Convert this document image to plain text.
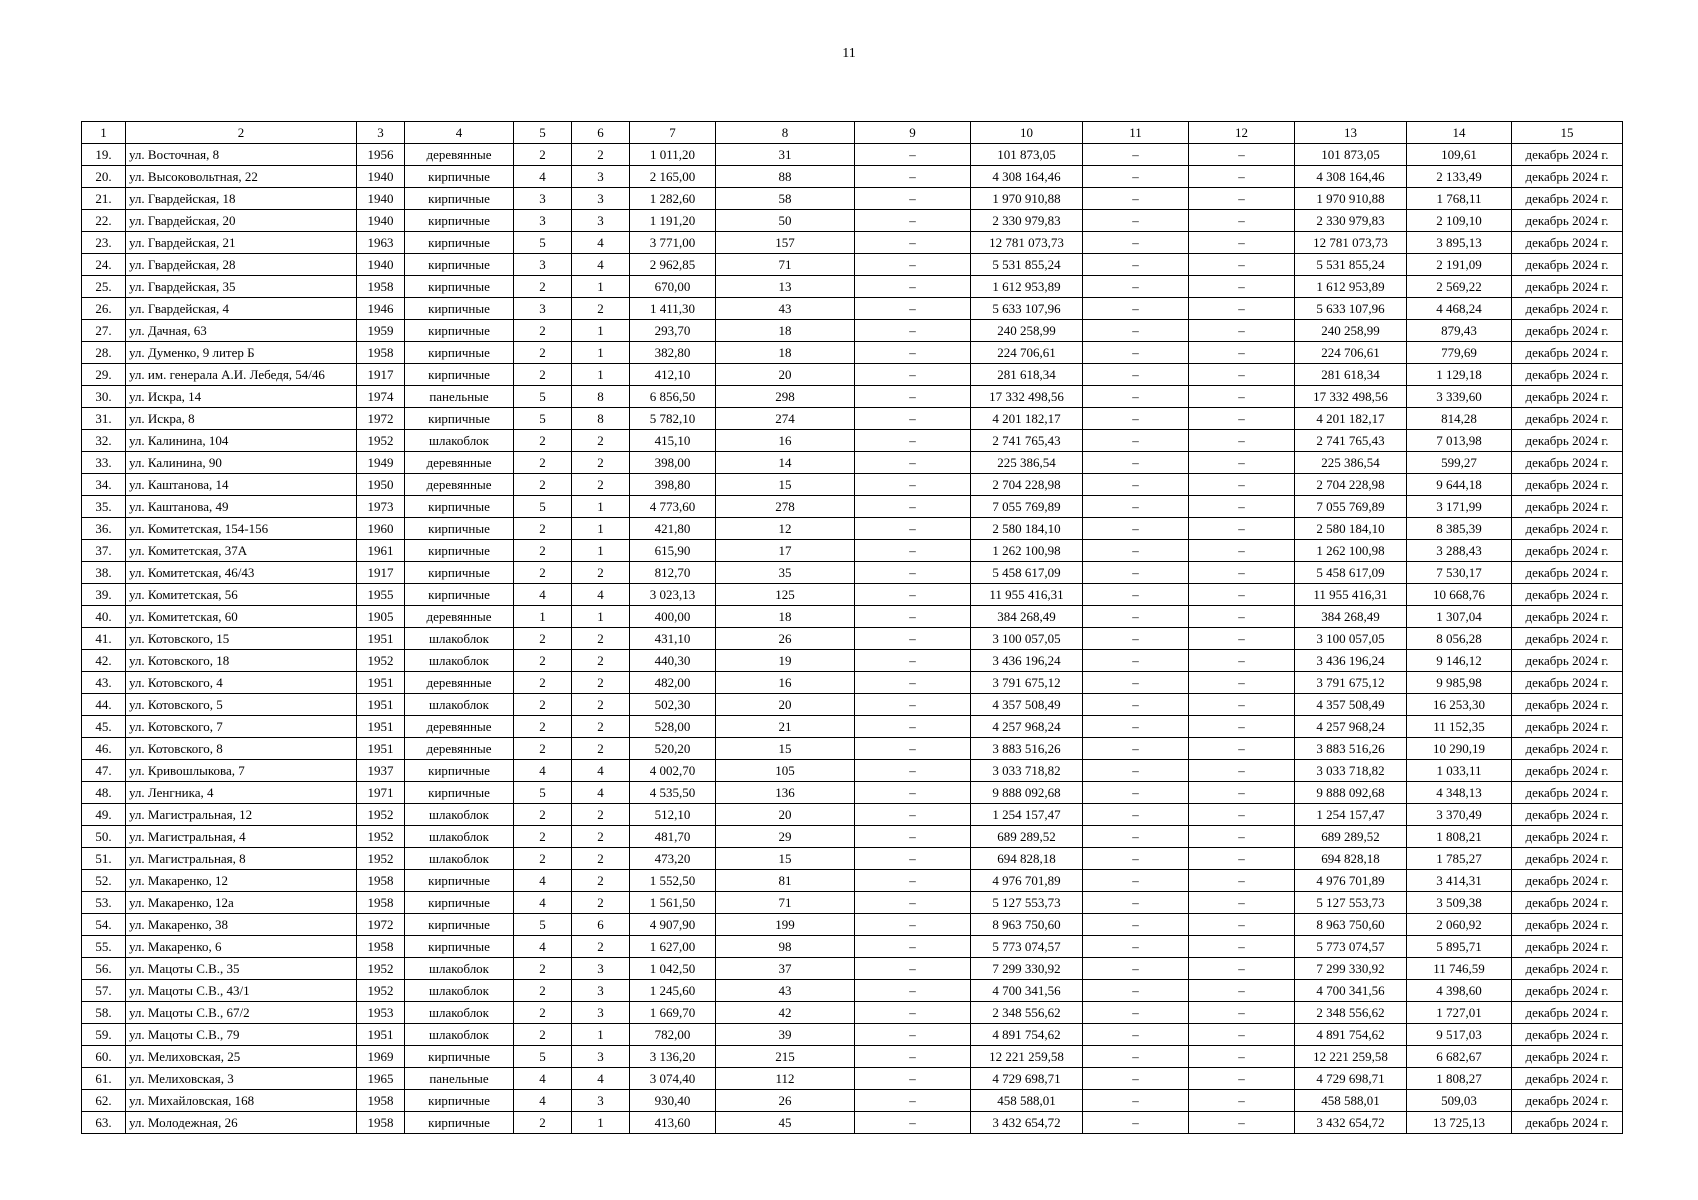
11
1	2	3	4	5	6	7	8	9	10	11	12	13	14	15
19.	ул. Восточная, 8	1956	деревянные	2	2	1 011,20	31	–	101 873,05	–	–	101 873,05	109,61	декабрь 2024 г.
20.	ул. Высоковольтная, 22	1940	кирпичные	4	3	2 165,00	88	–	4 308 164,46	–	–	4 308 164,46	2 133,49	декабрь 2024 г.
21.	ул. Гвардейская, 18	1940	кирпичные	3	3	1 282,60	58	–	1 970 910,88	–	–	1 970 910,88	1 768,11	декабрь 2024 г.
22.	ул. Гвардейская, 20	1940	кирпичные	3	3	1 191,20	50	–	2 330 979,83	–	–	2 330 979,83	2 109,10	декабрь 2024 г.
23.	ул. Гвардейская, 21	1963	кирпичные	5	4	3 771,00	157	–	12 781 073,73	–	–	12 781 073,73	3 895,13	декабрь 2024 г.
24.	ул. Гвардейская, 28	1940	кирпичные	3	4	2 962,85	71	–	5 531 855,24	–	–	5 531 855,24	2 191,09	декабрь 2024 г.
25.	ул. Гвардейская, 35	1958	кирпичные	2	1	670,00	13	–	1 612 953,89	–	–	1 612 953,89	2 569,22	декабрь 2024 г.
26.	ул. Гвардейская, 4	1946	кирпичные	3	2	1 411,30	43	–	5 633 107,96	–	–	5 633 107,96	4 468,24	декабрь 2024 г.
27.	ул. Дачная, 63	1959	кирпичные	2	1	293,70	18	–	240 258,99	–	–	240 258,99	879,43	декабрь 2024 г.
28.	ул. Думенко, 9 литер Б	1958	кирпичные	2	1	382,80	18	–	224 706,61	–	–	224 706,61	779,69	декабрь 2024 г.
29.	ул. им. генерала А.И. Лебедя, 54/46	1917	кирпичные	2	1	412,10	20	–	281 618,34	–	–	281 618,34	1 129,18	декабрь 2024 г.
30.	ул. Искра, 14	1974	панельные	5	8	6 856,50	298	–	17 332 498,56	–	–	17 332 498,56	3 339,60	декабрь 2024 г.
31.	ул. Искра, 8	1972	кирпичные	5	8	5 782,10	274	–	4 201 182,17	–	–	4 201 182,17	814,28	декабрь 2024 г.
32.	ул. Калинина, 104	1952	шлакоблок	2	2	415,10	16	–	2 741 765,43	–	–	2 741 765,43	7 013,98	декабрь 2024 г.
33.	ул. Калинина, 90	1949	деревянные	2	2	398,00	14	–	225 386,54	–	–	225 386,54	599,27	декабрь 2024 г.
34.	ул. Каштанова, 14	1950	деревянные	2	2	398,80	15	–	2 704 228,98	–	–	2 704 228,98	9 644,18	декабрь 2024 г.
35.	ул. Каштанова, 49	1973	кирпичные	5	1	4 773,60	278	–	7 055 769,89	–	–	7 055 769,89	3 171,99	декабрь 2024 г.
36.	ул. Комитетская, 154-156	1960	кирпичные	2	1	421,80	12	–	2 580 184,10	–	–	2 580 184,10	8 385,39	декабрь 2024 г.
37.	ул. Комитетская, 37А	1961	кирпичные	2	1	615,90	17	–	1 262 100,98	–	–	1 262 100,98	3 288,43	декабрь 2024 г.
38.	ул. Комитетская, 46/43	1917	кирпичные	2	2	812,70	35	–	5 458 617,09	–	–	5 458 617,09	7 530,17	декабрь 2024 г.
39.	ул. Комитетская, 56	1955	кирпичные	4	4	3 023,13	125	–	11 955 416,31	–	–	11 955 416,31	10 668,76	декабрь 2024 г.
40.	ул. Комитетская, 60	1905	деревянные	1	1	400,00	18	–	384 268,49	–	–	384 268,49	1 307,04	декабрь 2024 г.
41.	ул. Котовского, 15	1951	шлакоблок	2	2	431,10	26	–	3 100 057,05	–	–	3 100 057,05	8 056,28	декабрь 2024 г.
42.	ул. Котовского, 18	1952	шлакоблок	2	2	440,30	19	–	3 436 196,24	–	–	3 436 196,24	9 146,12	декабрь 2024 г.
43.	ул. Котовского, 4	1951	деревянные	2	2	482,00	16	–	3 791 675,12	–	–	3 791 675,12	9 985,98	декабрь 2024 г.
44.	ул. Котовского, 5	1951	шлакоблок	2	2	502,30	20	–	4 357 508,49	–	–	4 357 508,49	16 253,30	декабрь 2024 г.
45.	ул. Котовского, 7	1951	деревянные	2	2	528,00	21	–	4 257 968,24	–	–	4 257 968,24	11 152,35	декабрь 2024 г.
46.	ул. Котовского, 8	1951	деревянные	2	2	520,20	15	–	3 883 516,26	–	–	3 883 516,26	10 290,19	декабрь 2024 г.
47.	ул. Кривошлыкова, 7	1937	кирпичные	4	4	4 002,70	105	–	3 033 718,82	–	–	3 033 718,82	1 033,11	декабрь 2024 г.
48.	ул. Ленгника, 4	1971	кирпичные	5	4	4 535,50	136	–	9 888 092,68	–	–	9 888 092,68	4 348,13	декабрь 2024 г.
49.	ул. Магистральная, 12	1952	шлакоблок	2	2	512,10	20	–	1 254 157,47	–	–	1 254 157,47	3 370,49	декабрь 2024 г.
50.	ул. Магистральная, 4	1952	шлакоблок	2	2	481,70	29	–	689 289,52	–	–	689 289,52	1 808,21	декабрь 2024 г.
51.	ул. Магистральная, 8	1952	шлакоблок	2	2	473,20	15	–	694 828,18	–	–	694 828,18	1 785,27	декабрь 2024 г.
52.	ул. Макаренко, 12	1958	кирпичные	4	2	1 552,50	81	–	4 976 701,89	–	–	4 976 701,89	3 414,31	декабрь 2024 г.
53.	ул. Макаренко, 12а	1958	кирпичные	4	2	1 561,50	71	–	5 127 553,73	–	–	5 127 553,73	3 509,38	декабрь 2024 г.
54.	ул. Макаренко, 38	1972	кирпичные	5	6	4 907,90	199	–	8 963 750,60	–	–	8 963 750,60	2 060,92	декабрь 2024 г.
55.	ул. Макаренко, 6	1958	кирпичные	4	2	1 627,00	98	–	5 773 074,57	–	–	5 773 074,57	5 895,71	декабрь 2024 г.
56.	ул. Мацоты С.В., 35	1952	шлакоблок	2	3	1 042,50	37	–	7 299 330,92	–	–	7 299 330,92	11 746,59	декабрь 2024 г.
57.	ул. Мацоты С.В., 43/1	1952	шлакоблок	2	3	1 245,60	43	–	4 700 341,56	–	–	4 700 341,56	4 398,60	декабрь 2024 г.
58.	ул. Мацоты С.В., 67/2	1953	шлакоблок	2	3	1 669,70	42	–	2 348 556,62	–	–	2 348 556,62	1 727,01	декабрь 2024 г.
59.	ул. Мацоты С.В., 79	1951	шлакоблок	2	1	782,00	39	–	4 891 754,62	–	–	4 891 754,62	9 517,03	декабрь 2024 г.
60.	ул. Мелиховская, 25	1969	кирпичные	5	3	3 136,20	215	–	12 221 259,58	–	–	12 221 259,58	6 682,67	декабрь 2024 г.
61.	ул. Мелиховская, 3	1965	панельные	4	4	3 074,40	112	–	4 729 698,71	–	–	4 729 698,71	1 808,27	декабрь 2024 г.
62.	ул. Михайловская, 168	1958	кирпичные	4	3	930,40	26	–	458 588,01	–	–	458 588,01	509,03	декабрь 2024 г.
63.	ул. Молодежная, 26	1958	кирпичные	2	1	413,60	45	–	3 432 654,72	–	–	3 432 654,72	13 725,13	декабрь 2024 г.
